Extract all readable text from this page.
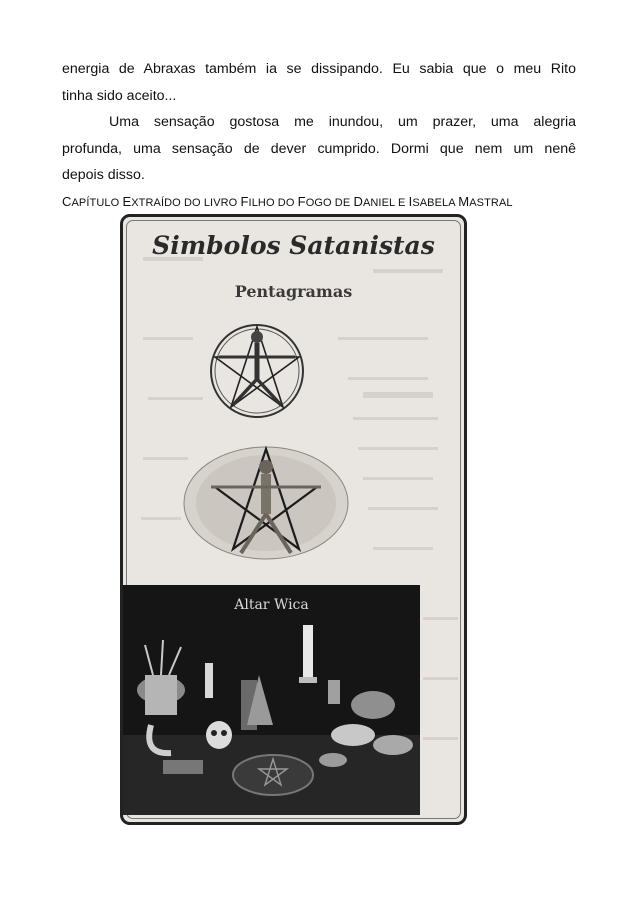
energia de Abraxas também ia se dissipando. Eu sabia que o meu Rito

tinha sido aceito...

Uma sensação gostosa me inundou, um prazer, uma alegria

profunda, uma sensação de dever cumprido. Dormi que nem um nenê

depois disso.

CAPÍTULO EXTRAÍDO DO LIVRO FILHO DO FOGO DE DANIEL E ISABELA MASTRAL
Simbolos Satanistas
Pentagramas
Altar Wica
